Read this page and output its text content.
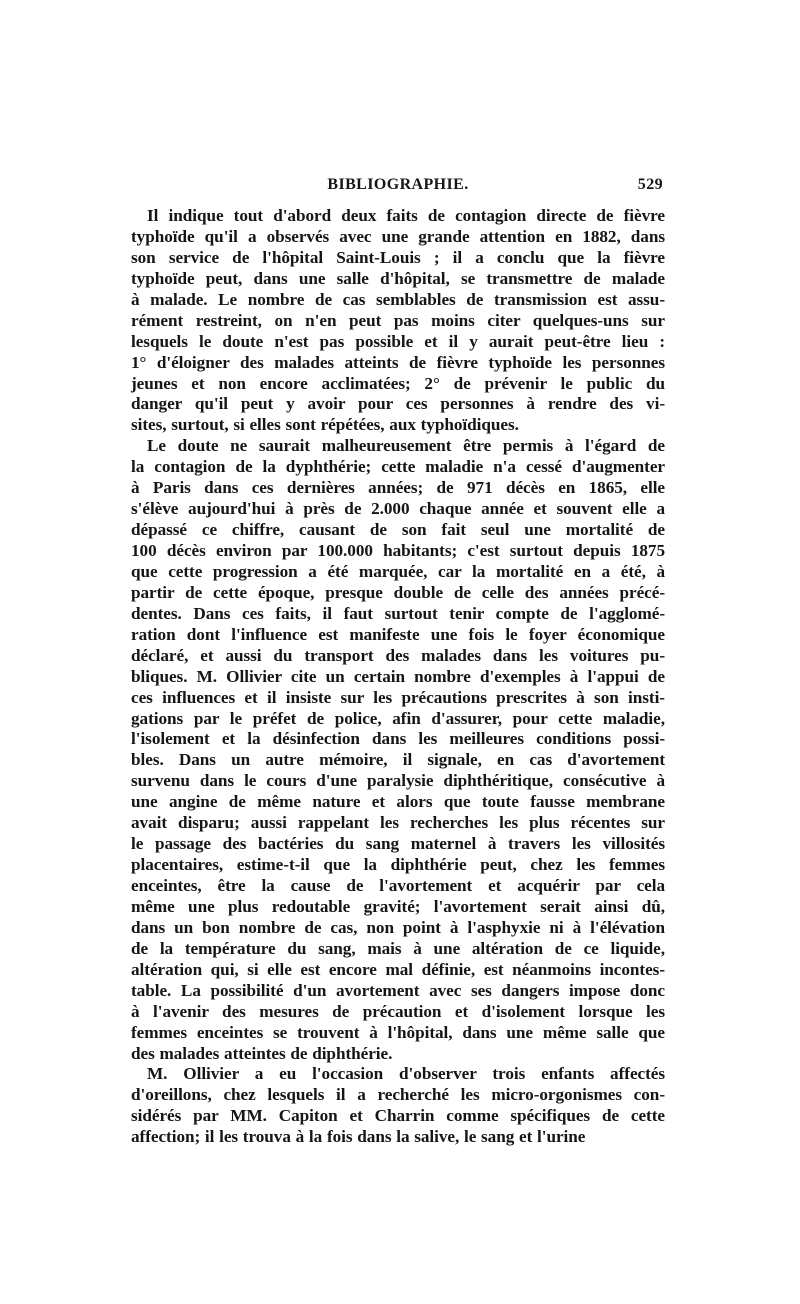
BIBLIOGRAPHIE.	529
Il indique tout d'abord deux faits de contagion directe de fièvre
typhoïde qu'il a observés avec une grande attention en 1882, dans
son service de l'hôpital Saint-Louis ; il a conclu que la fièvre
typhoïde peut, dans une salle d'hôpital, se transmettre de malade
à malade. Le nombre de cas semblables de transmission est assu-
rément restreint, on n'en peut pas moins citer quelques-uns sur
lesquels le doute n'est pas possible et il y aurait peut-être lieu :
1° d'éloigner des malades atteints de fièvre typhoïde les personnes
jeunes et non encore acclimatées; 2° de prévenir le public du
danger qu'il peut y avoir pour ces personnes à rendre des vi-
sites, surtout, si elles sont répétées, aux typhoïdiques.
Le doute ne saurait malheureusement être permis à l'égard de
la contagion de la dyphthérie; cette maladie n'a cessé d'augmenter
à Paris dans ces dernières années; de 971 décès en 1865, elle
s'élève aujourd'hui à près de 2.000 chaque année et souvent elle a
dépassé ce chiffre, causant de son fait seul une mortalité de
100 décès environ par 100.000 habitants; c'est surtout depuis 1875
que cette progression a été marquée, car la mortalité en a été, à
partir de cette époque, presque double de celle des années précé-
dentes. Dans ces faits, il faut surtout tenir compte de l'agglomé-
ration dont l'influence est manifeste une fois le foyer économique
déclaré, et aussi du transport des malades dans les voitures pu-
bliques. M. Ollivier cite un certain nombre d'exemples à l'appui de
ces influences et il insiste sur les précautions prescrites à son insti-
gations par le préfet de police, afin d'assurer, pour cette maladie,
l'isolement et la désinfection dans les meilleures conditions possi-
bles. Dans un autre mémoire, il signale, en cas d'avortement
survenu dans le cours d'une paralysie diphthéritique, consécutive à
une angine de même nature et alors que toute fausse membrane
avait disparu; aussi rappelant les recherches les plus récentes sur
le passage des bactéries du sang maternel à travers les villosités
placentaires, estime-t-il que la diphthérie peut, chez les femmes
enceintes, être la cause de l'avortement et acquérir par cela
même une plus redoutable gravité; l'avortement serait ainsi dû,
dans un bon nombre de cas, non point à l'asphyxie ni à l'élévation
de la température du sang, mais à une altération de ce liquide,
altération qui, si elle est encore mal définie, est néanmoins incontes-
table. La possibilité d'un avortement avec ses dangers impose donc
à l'avenir des mesures de précaution et d'isolement lorsque les
femmes enceintes se trouvent à l'hôpital, dans une même salle que
des malades atteintes de diphthérie.
M. Ollivier a eu l'occasion d'observer trois enfants affectés
d'oreillons, chez lesquels il a recherché les micro-orgonismes con-
sidérés par MM. Capiton et Charrin comme spécifiques de cette
affection; il les trouva à la fois dans la salive, le sang et l'urine
